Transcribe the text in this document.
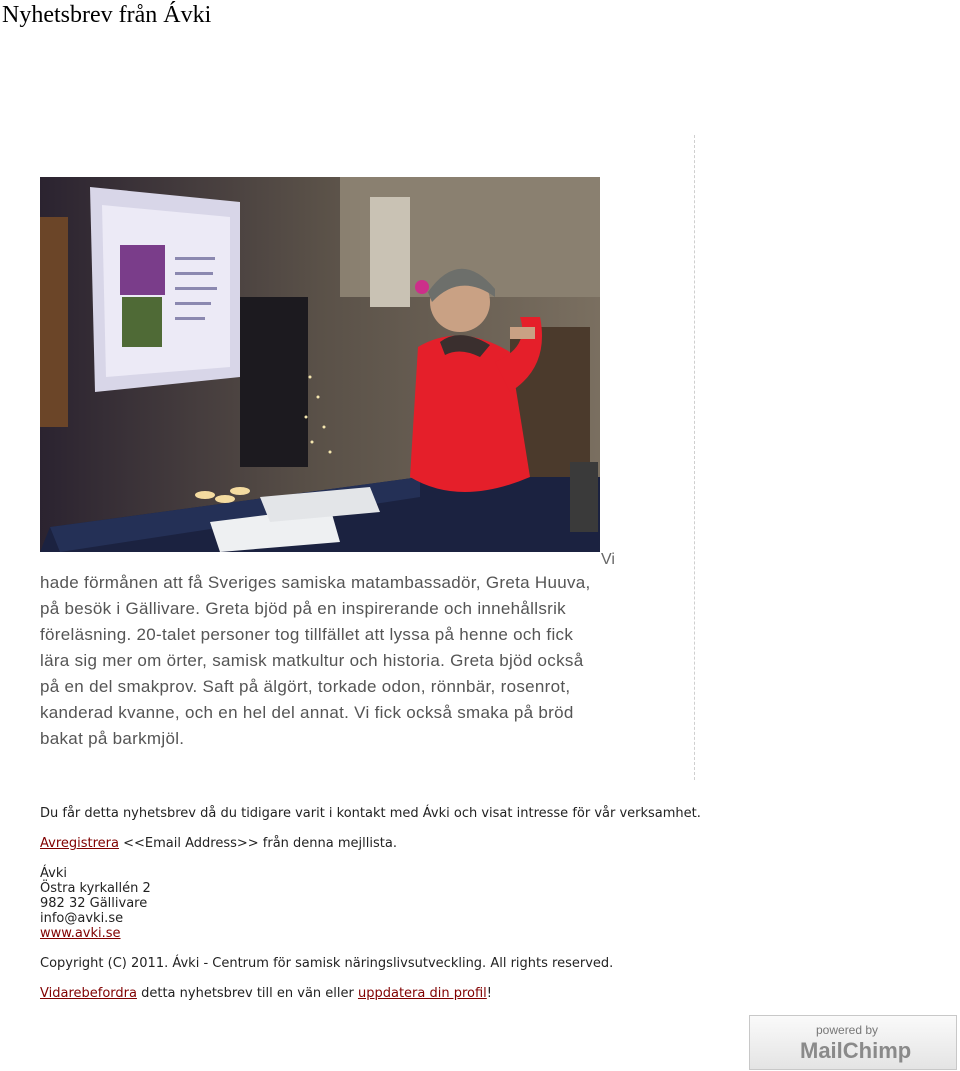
Nyhetsbrev från Ávki
Vi
hade förmånen att få Sveriges samiska matambassadör, Greta Huuva, på besök i Gällivare. Greta bjöd på en inspirerande och innehållsrik föreläsning. 20-talet personer tog tillfället att lyssa på henne och fick lära sig mer om örter, samisk matkultur och historia. Greta bjöd också på en del smakprov. Saft på älgört, torkade odon, rönnbär, rosenrot, kanderad kvanne, och en hel del annat. Vi fick också smaka på bröd bakat på barkmjöl.

Du får detta nyhetsbrev då du tidigare varit i kontakt med Ávki och visat intresse för vår verksamhet.

Avregistrera <<Email Address>> från denna mejllista.

Ávki
Östra kyrkallén 2
982 32 Gällivare
info@avki.se
www.avki.se

Copyright (C) 2011. Ávki - Centrum för samisk näringslivsutveckling. All rights reserved.

Vidarebefordra detta nyhetsbrev till en vän eller uppdatera din profil!

powered by
MailChimp
